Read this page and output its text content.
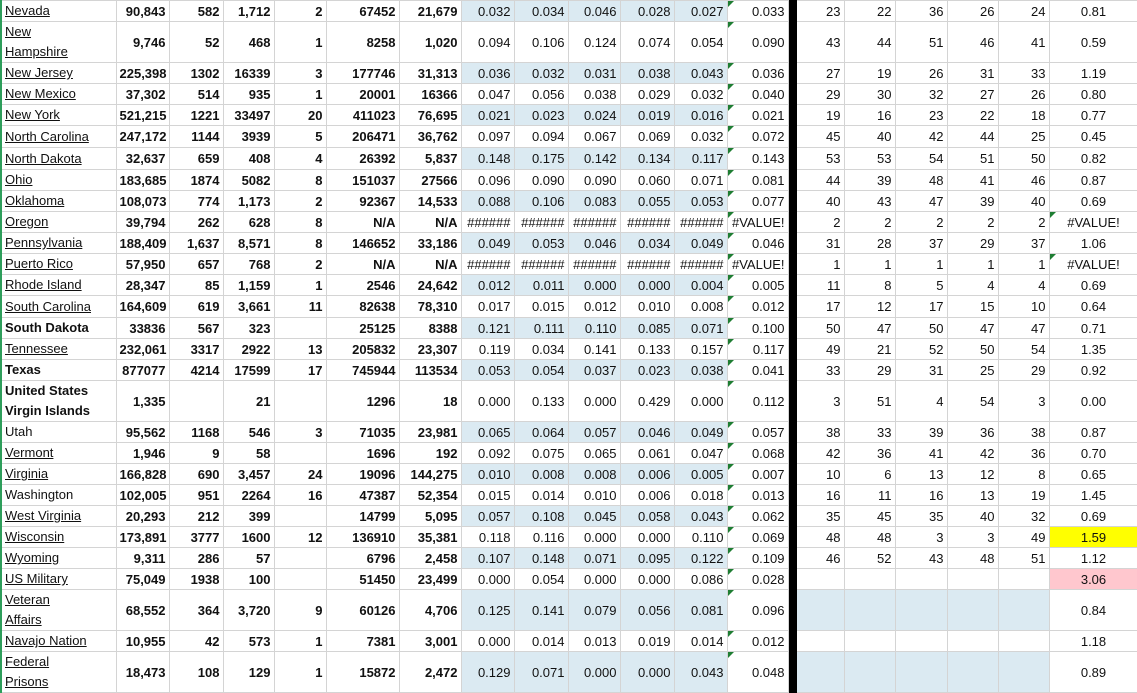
Nevada	90,843	582	1,712	2	67452	21,679	0.032	0.034	0.046	0.028	0.027	0.033		23	22	36	26	24	0.81
New Hampshire	9,746	52	468	1	8258	1,020	0.094	0.106	0.124	0.074	0.054	0.090		43	44	51	46	41	0.59
New Jersey	225,398	1302	16339	3	177746	31,313	0.036	0.032	0.031	0.038	0.043	0.036		27	19	26	31	33	1.19
New Mexico	37,302	514	935	1	20001	16366	0.047	0.056	0.038	0.029	0.032	0.040		29	30	32	27	26	0.80
New York	521,215	1221	33497	20	411023	76,695	0.021	0.023	0.024	0.019	0.016	0.021		19	16	23	22	18	0.77
North Carolina	247,172	1144	3939	5	206471	36,762	0.097	0.094	0.067	0.069	0.032	0.072		45	40	42	44	25	0.45
North Dakota	32,637	659	408	4	26392	5,837	0.148	0.175	0.142	0.134	0.117	0.143		53	53	54	51	50	0.82
Ohio	183,685	1874	5082	8	151037	27566	0.096	0.090	0.090	0.060	0.071	0.081		44	39	48	41	46	0.87
Oklahoma	108,073	774	1,173	2	92367	14,533	0.088	0.106	0.083	0.055	0.053	0.077		40	43	47	39	40	0.69
Oregon	39,794	262	628	8	N/A	N/A	######	######	######	######	######	#VALUE!		2	2	2	2	2	#VALUE!
Pennsylvania	188,409	1,637	8,571	8	146652	33,186	0.049	0.053	0.046	0.034	0.049	0.046		31	28	37	29	37	1.06
Puerto Rico	57,950	657	768	2	N/A	N/A	######	######	######	######	######	#VALUE!		1	1	1	1	1	#VALUE!
Rhode Island	28,347	85	1,159	1	2546	24,642	0.012	0.011	0.000	0.000	0.004	0.005		11	8	5	4	4	0.69
South Carolina	164,609	619	3,661	11	82638	78,310	0.017	0.015	0.012	0.010	0.008	0.012		17	12	17	15	10	0.64
South Dakota	33836	567	323		25125	8388	0.121	0.111	0.110	0.085	0.071	0.100		50	47	50	47	47	0.71
Tennessee	232,061	3317	2922	13	205832	23,307	0.119	0.034	0.141	0.133	0.157	0.117		49	21	52	50	54	1.35
Texas	877077	4214	17599	17	745944	113534	0.053	0.054	0.037	0.023	0.038	0.041		33	29	31	25	29	0.92
United States Virgin Islands	1,335		21		1296	18	0.000	0.133	0.000	0.429	0.000	0.112		3	51	4	54	3	0.00
Utah	95,562	1168	546	3	71035	23,981	0.065	0.064	0.057	0.046	0.049	0.057		38	33	39	36	38	0.87
Vermont	1,946	9	58		1696	192	0.092	0.075	0.065	0.061	0.047	0.068		42	36	41	42	36	0.70
Virginia	166,828	690	3,457	24	19096	144,275	0.010	0.008	0.008	0.006	0.005	0.007		10	6	13	12	8	0.65
Washington	102,005	951	2264	16	47387	52,354	0.015	0.014	0.010	0.006	0.018	0.013		16	11	16	13	19	1.45
West Virginia	20,293	212	399		14799	5,095	0.057	0.108	0.045	0.058	0.043	0.062		35	45	35	40	32	0.69
Wisconsin	173,891	3777	1600	12	136910	35,381	0.118	0.116	0.000	0.000	0.110	0.069		48	48	3	3	49	1.59
Wyoming	9,311	286	57		6796	2,458	0.107	0.148	0.071	0.095	0.122	0.109		46	52	43	48	51	1.12
US Military	75,049	1938	100		51450	23,499	0.000	0.054	0.000	0.000	0.086	0.028							3.06
Veteran Affairs	68,552	364	3,720	9	60126	4,706	0.125	0.141	0.079	0.056	0.081	0.096							0.84
Navajo Nation	10,955	42	573	1	7381	3,001	0.000	0.014	0.013	0.019	0.014	0.012							1.18
Federal Prisons	18,473	108	129	1	15872	2,472	0.129	0.071	0.000	0.000	0.043	0.048							0.89
